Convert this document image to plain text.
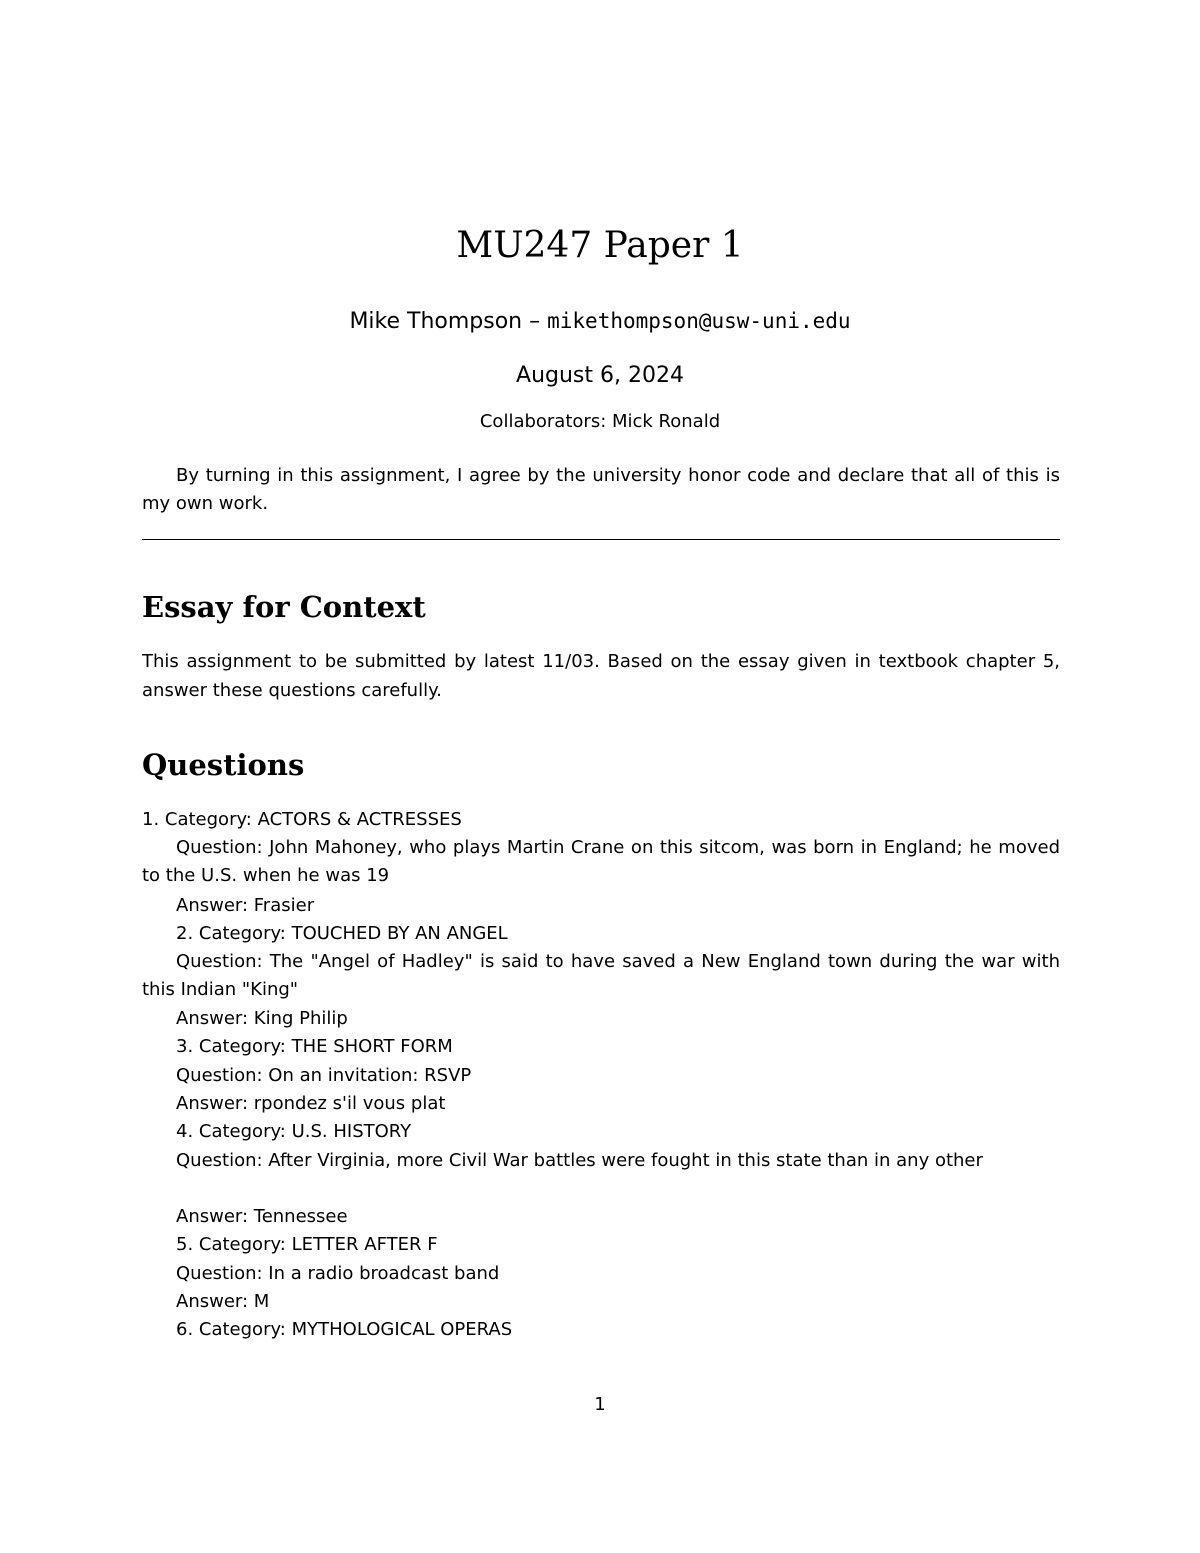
MU247 Paper 1
Mike Thompson – mikethompson@usw-uni.edu
August 6, 2024
Collaborators: Mick Ronald
By turning in this assignment, I agree by the university honor code and declare that all of this is my own work.
Essay for Context
This assignment to be submitted by latest 11/03. Based on the essay given in textbook chapter 5, answer these questions carefully.
Questions
1. Category: ACTORS & ACTRESSES
Question: John Mahoney, who plays Martin Crane on this sitcom, was born in England; he moved to the U.S. when he was 19
Answer: Frasier
2. Category: TOUCHED BY AN ANGEL
Question: The "Angel of Hadley" is said to have saved a New England town during the war with this Indian "King"
Answer: King Philip
3. Category: THE SHORT FORM
Question: On an invitation: RSVP
Answer: rpondez s'il vous plat
4. Category: U.S. HISTORY
Question: After Virginia, more Civil War battles were fought in this state than in any other
Answer: Tennessee
5. Category: LETTER AFTER F
Question: In a radio broadcast band
Answer: M
6. Category: MYTHOLOGICAL OPERAS
1
